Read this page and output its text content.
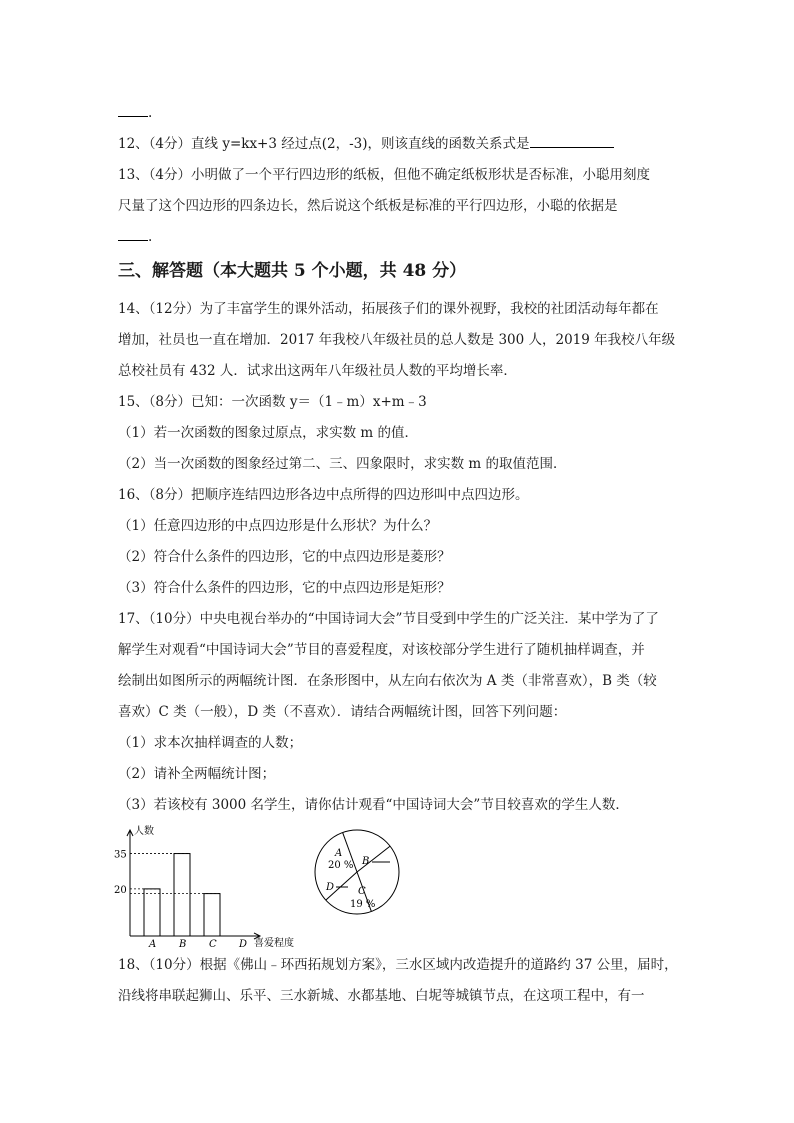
.
12、（4分）直线 y=kx+3 经过点(2，-3)，则该直线的函数关系式是
13、（4分）小明做了一个平行四边形的纸板，但他不确定纸板形状是否标准，小聪用刻度
尺量了这个四边形的四条边长，然后说这个纸板是标准的平行四边形，小聪的依据是
.
三、解答题（本大题共 5 个小题，共 48 分）
14、（12分）为了丰富学生的课外活动，拓展孩子们的课外视野，我校的社团活动每年都在
增加，社员也一直在增加．2017 年我校八年级社员的总人数是 300 人，2019 年我校八年级
总校社员有 432 人．试求出这两年八年级社员人数的平均增长率．
15、（8分）已知：一次函数 y＝（1﹣m）x+m﹣3
（1）若一次函数的图象过原点，求实数 m 的值．
（2）当一次函数的图象经过第二、三、四象限时，求实数 m 的取值范围．
16、（8分）把顺序连结四边形各边中点所得的四边形叫中点四边形。
（1）任意四边形的中点四边形是什么形状？为什么？
（2）符合什么条件的四边形，它的中点四边形是菱形？
（3）符合什么条件的四边形，它的中点四边形是矩形？
17、（10分）中央电视台举办的“中国诗词大会”节目受到中学生的广泛关注．某中学为了了
解学生对观看“中国诗词大会”节目的喜爱程度，对该校部分学生进行了随机抽样调查，并
绘制出如图所示的两幅统计图．在条形图中，从左向右依次为 A 类（非常喜欢），B 类（较
喜欢）C 类（一般），D 类（不喜欢）．请结合两幅统计图，回答下列问题：
（1）求本次抽样调查的人数；
（2）请补全两幅统计图；
（3）若该校有 3000 名学生，请你估计观看“中国诗词大会”节目较喜欢的学生人数．
人数
喜爱程度
A B C D
20
35	A
20 % B
D C
19 %
18、（10分）根据《佛山﹣环西拓规划方案》，三水区域内改造提升的道路约 37 公里，届时，
沿线将串联起狮山、乐平、三水新城、水都基地、白坭等城镇节点，在这项工程中，有一
